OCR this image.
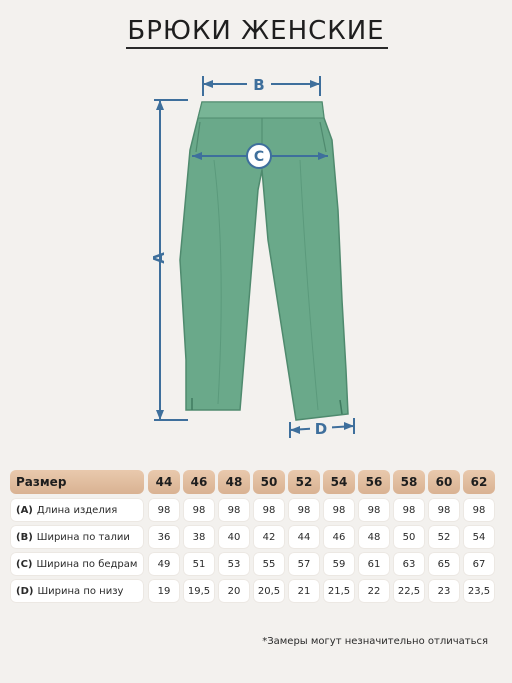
БРЮКИ ЖЕНСКИЕ
A
B
C
D
Размер	44	46	48	50	52	54	56	58	60	62
(A) Длина изделия	98	98	98	98	98	98	98	98	98	98
(B) Ширина по талии	36	38	40	42	44	46	48	50	52	54
(C) Ширина по бедрам	49	51	53	55	57	59	61	63	65	67
(D) Ширина по низу	19	19,5	20	20,5	21	21,5	22	22,5	23	23,5
*Замеры могут незначительно отличаться
